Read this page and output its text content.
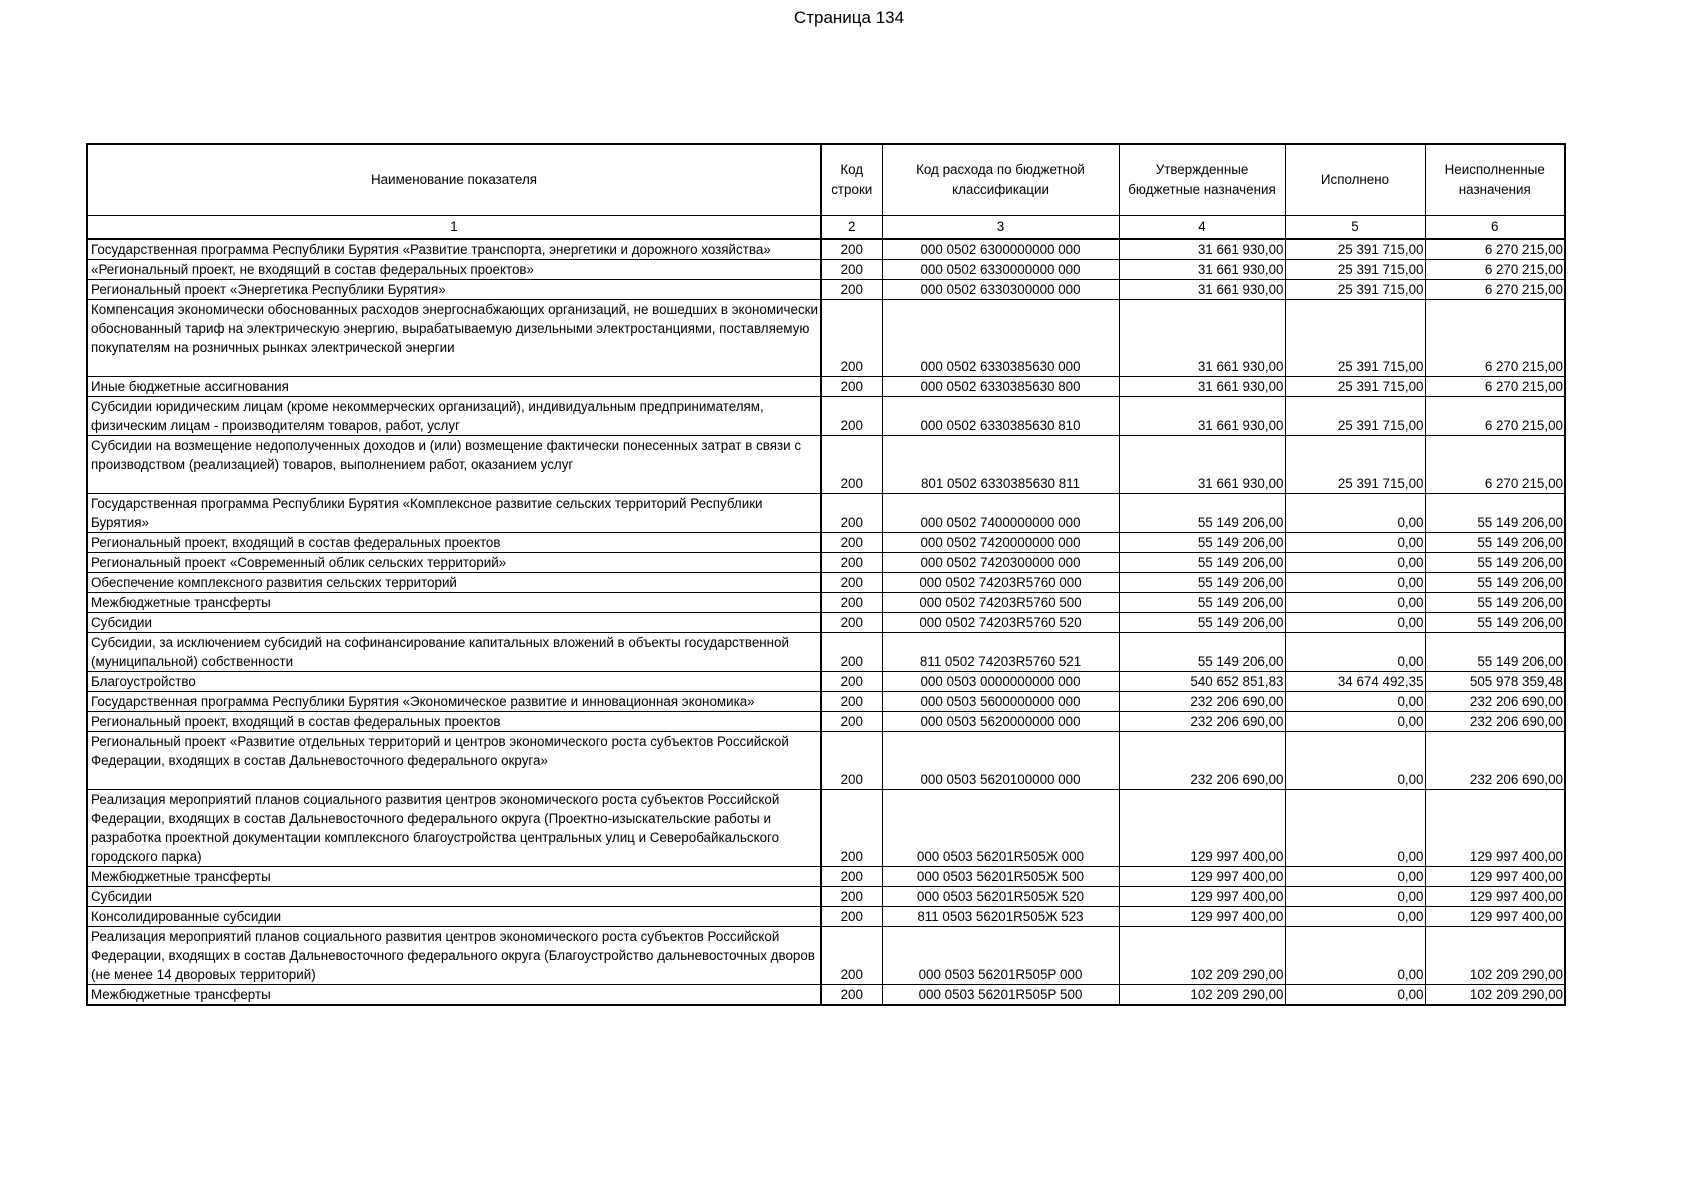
Страница 134
Наименование показателя	Код строки	Код расхода по бюджетной классификации	Утвержденные бюджетные назначения	Исполнено	Неисполненные назначения
1	2	3	4	5	6
Государственная программа Республики Бурятия «Развитие транспорта, энергетики и дорожного хозяйства»	200	000 0502 6300000000 000	31 661 930,00	25 391 715,00	6 270 215,00
«Региональный проект, не входящий в состав федеральных проектов»	200	000 0502 6330000000 000	31 661 930,00	25 391 715,00	6 270 215,00
Региональный проект «Энергетика Республики Бурятия»	200	000 0502 6330300000 000	31 661 930,00	25 391 715,00	6 270 215,00
Компенсация экономически обоснованных расходов энергоснабжающих организаций, не вошедших в экономически обоснованный тариф на электрическую энергию, вырабатываемую дизельными электростанциями, поставляемую покупателям на розничных рынках электрической энергии	200	000 0502 6330385630 000	31 661 930,00	25 391 715,00	6 270 215,00
Иные бюджетные ассигнования	200	000 0502 6330385630 800	31 661 930,00	25 391 715,00	6 270 215,00
Субсидии юридическим лицам (кроме некоммерческих организаций), индивидуальным предпринимателям, физическим лицам - производителям товаров, работ, услуг	200	000 0502 6330385630 810	31 661 930,00	25 391 715,00	6 270 215,00
Субсидии на возмещение недополученных доходов и (или) возмещение фактически понесенных затрат в связи с производством (реализацией) товаров, выполнением работ, оказанием услуг	200	801 0502 6330385630 811	31 661 930,00	25 391 715,00	6 270 215,00
Государственная программа Республики Бурятия «Комплексное развитие сельских территорий Республики Бурятия»	200	000 0502 7400000000 000	55 149 206,00	0,00	55 149 206,00
Региональный проект, входящий в состав федеральных проектов	200	000 0502 7420000000 000	55 149 206,00	0,00	55 149 206,00
Региональный проект «Современный облик сельских территорий»	200	000 0502 7420300000 000	55 149 206,00	0,00	55 149 206,00
Обеспечение комплексного развития сельских территорий	200	000 0502 74203R5760 000	55 149 206,00	0,00	55 149 206,00
Межбюджетные трансферты	200	000 0502 74203R5760 500	55 149 206,00	0,00	55 149 206,00
Субсидии	200	000 0502 74203R5760 520	55 149 206,00	0,00	55 149 206,00
Субсидии, за исключением субсидий на софинансирование капитальных вложений в объекты государственной (муниципальной) собственности	200	811 0502 74203R5760 521	55 149 206,00	0,00	55 149 206,00
Благоустройство	200	000 0503 0000000000 000	540 652 851,83	34 674 492,35	505 978 359,48
Государственная программа Республики Бурятия «Экономическое развитие и инновационная экономика»	200	000 0503 5600000000 000	232 206 690,00	0,00	232 206 690,00
Региональный проект, входящий в состав федеральных проектов	200	000 0503 5620000000 000	232 206 690,00	0,00	232 206 690,00
Региональный проект «Развитие отдельных территорий и центров экономического роста субъектов Российской Федерации, входящих в состав Дальневосточного федерального округа»	200	000 0503 5620100000 000	232 206 690,00	0,00	232 206 690,00
Реализация мероприятий планов социального развития центров экономического роста субъектов Российской Федерации, входящих в состав Дальневосточного федерального округа (Проектно-изыскательские работы и разработка проектной документации комплексного благоустройства центральных улиц и Северобайкальского городского парка)	200	000 0503 56201R505Ж 000	129 997 400,00	0,00	129 997 400,00
Межбюджетные трансферты	200	000 0503 56201R505Ж 500	129 997 400,00	0,00	129 997 400,00
Субсидии	200	000 0503 56201R505Ж 520	129 997 400,00	0,00	129 997 400,00
Консолидированные субсидии	200	811 0503 56201R505Ж 523	129 997 400,00	0,00	129 997 400,00
Реализация мероприятий планов социального развития центров экономического роста субъектов Российской Федерации, входящих в состав Дальневосточного федерального округа (Благоустройство дальневосточных дворов (не менее 14 дворовых территорий)	200	000 0503 56201R505Р 000	102 209 290,00	0,00	102 209 290,00
Межбюджетные трансферты	200	000 0503 56201R505Р 500	102 209 290,00	0,00	102 209 290,00
